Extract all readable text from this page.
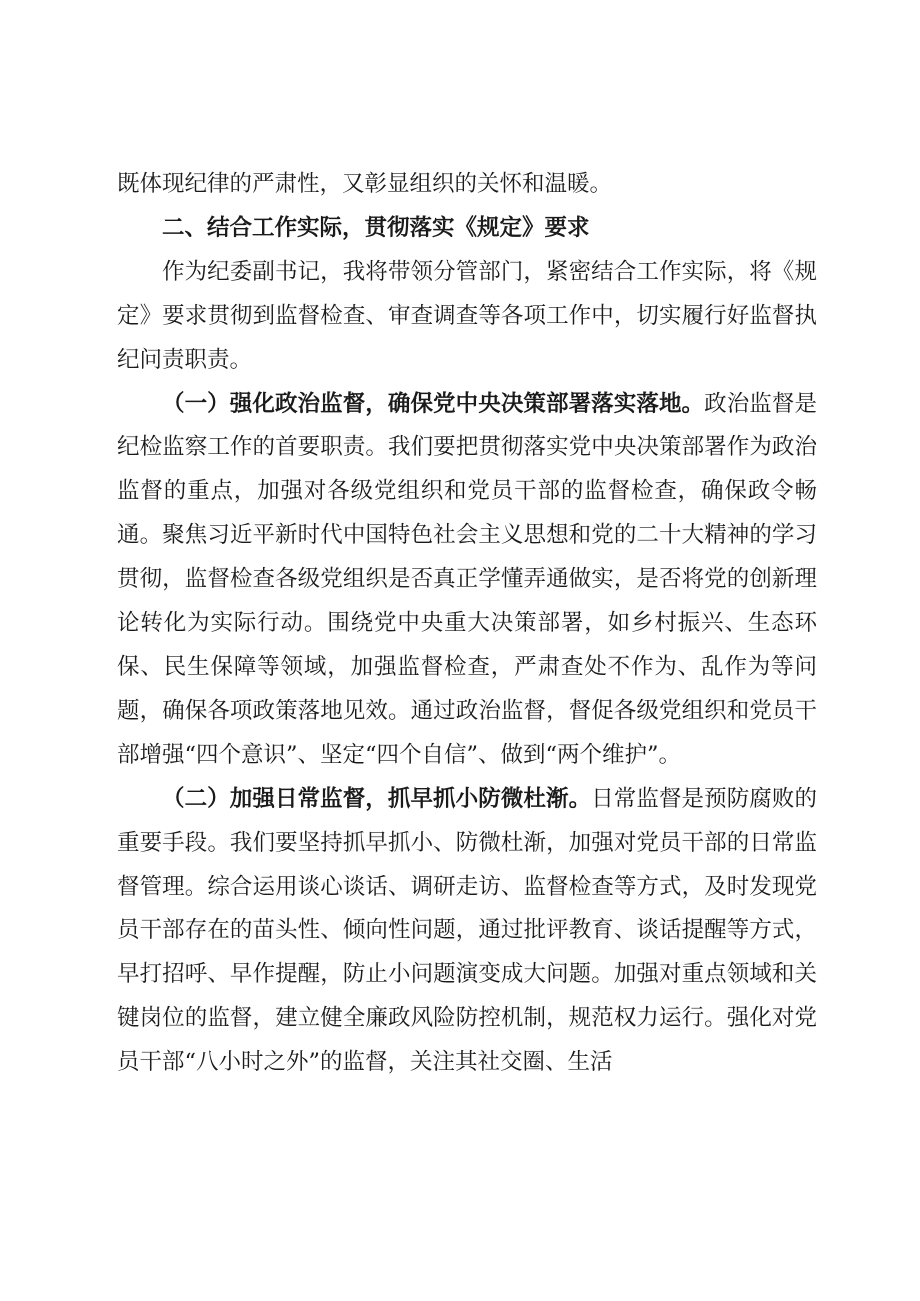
既体现纪律的严肃性，又彰显组织的关怀和温暖。

二、结合工作实际，贯彻落实《规定》要求

作为纪委副书记，我将带领分管部门，紧密结合工作实际，将《规定》要求贯彻到监督检查、审查调查等各项工作中，切实履行好监督执纪问责职责。

（一）强化政治监督，确保党中央决策部署落实落地。政治监督是纪检监察工作的首要职责。我们要把贯彻落实党中央决策部署作为政治监督的重点，加强对各级党组织和党员干部的监督检查，确保政令畅通。聚焦习近平新时代中国特色社会主义思想和党的二十大精神的学习贯彻，监督检查各级党组织是否真正学懂弄通做实，是否将党的创新理论转化为实际行动。围绕党中央重大决策部署，如乡村振兴、生态环保、民生保障等领域，加强监督检查，严肃查处不作为、乱作为等问题，确保各项政策落地见效。通过政治监督，督促各级党组织和党员干部增强“四个意识”、坚定“四个自信”、做到“两个维护”。

（二）加强日常监督，抓早抓小防微杜渐。日常监督是预防腐败的重要手段。我们要坚持抓早抓小、防微杜渐，加强对党员干部的日常监督管理。综合运用谈心谈话、调研走访、监督检查等方式，及时发现党员干部存在的苗头性、倾向性问题，通过批评教育、谈话提醒等方式，早打招呼、早作提醒，防止小问题演变成大问题。加强对重点领域和关键岗位的监督，建立健全廉政风险防控机制，规范权力运行。强化对党员干部“八小时之外”的监督，关注其社交圈、生活
